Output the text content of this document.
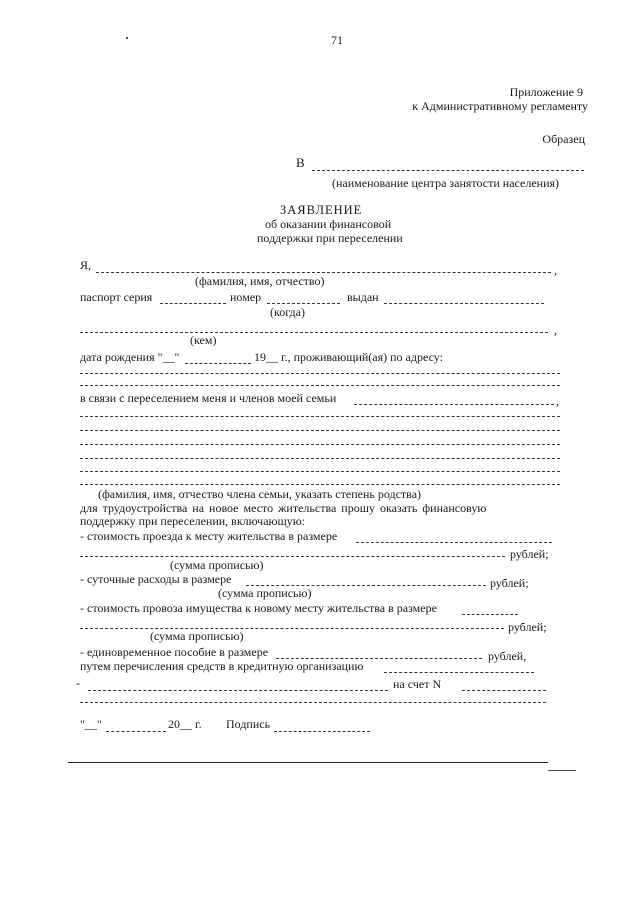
71
Приложение 9
к Административному регламенту
Образец
В
(наименование центра занятости населения)
ЗАЯВЛЕНИЕ
об оказании финансовой
поддержки при переселении
Я,	,
(фамилия, имя, отчество)
паспорт серия	номер	выдан
(когда)
,
(кем)
дата рождения "__"	19__ г., проживающий(ая) по адресу:
в связи с переселением меня и членов моей семьи	,
(фамилия, имя, отчество члена семьи, указать степень родства)
для трудоустройства на новое место жительства прошу оказать финансовую
поддержку при переселении, включающую:
- стоимость проезда к месту жительства в размере
рублей;
(сумма прописью)
- суточные расходы в размере	рублей;
(сумма прописью)
- стоимость провоза имущества к новому месту жительства в размере
рублей;
(сумма прописью)
- единовременное пособие в размере	рублей,
путем перечисления средств в кредитную организацию
-	на счет N
"__"	20__ г. Подпись
